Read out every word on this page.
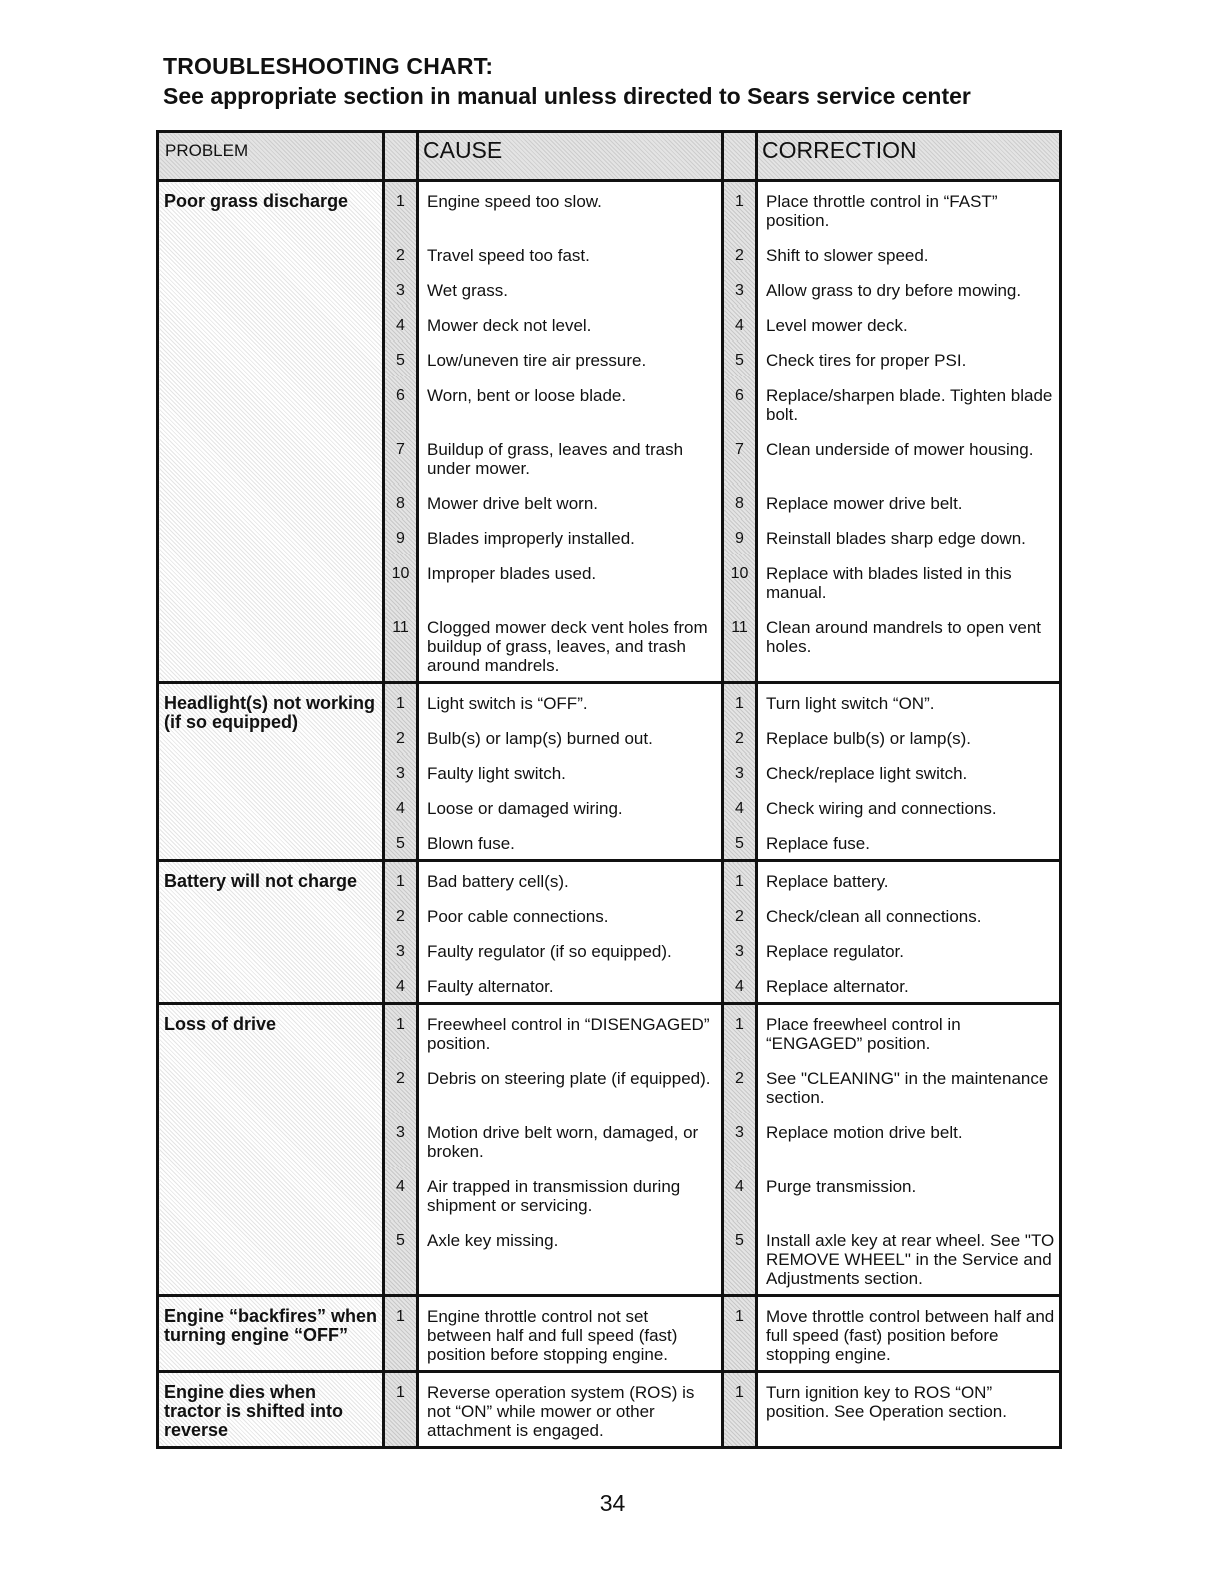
TROUBLESHOOTING CHART:
See appropriate section in manual unless directed to Sears service center
PROBLEM		CAUSE		CORRECTION
Poor grass discharge	1	Engine speed too slow.	1	Place throttle control in “FAST” position.
	2	Travel speed too fast.	2	Shift to slower speed.
	3	Wet grass.	3	Allow grass to dry before mowing.
	4	Mower deck not level.	4	Level mower deck.
	5	Low/uneven tire air pressure.	5	Check tires for proper PSI.
	6	Worn, bent or loose blade.	6	Replace/sharpen blade. Tighten blade bolt.
	7	Buildup of grass, leaves and trash under mower.	7	Clean underside of mower housing.
	8	Mower drive belt worn.	8	Replace mower drive belt.
	9	Blades improperly installed.	9	Reinstall blades sharp edge down.
	10	Improper blades used.	10	Replace with blades listed in this manual.
	11	Clogged mower deck vent holes from buildup of grass, leaves, and trash around mandrels.	11	Clean around mandrels to open vent holes.
Headlight(s) not working (if so equipped)	1	Light switch is “OFF”.	1	Turn light switch “ON”.
	2	Bulb(s) or lamp(s) burned out.	2	Replace bulb(s) or lamp(s).
	3	Faulty light switch.	3	Check/replace light switch.
	4	Loose or damaged wiring.	4	Check wiring and connections.
	5	Blown fuse.	5	Replace fuse.
Battery will not charge	1	Bad battery cell(s).	1	Replace battery.
	2	Poor cable connections.	2	Check/clean all connections.
	3	Faulty regulator (if so equipped).	3	Replace regulator.
	4	Faulty alternator.	4	Replace alternator.
Loss of drive	1	Freewheel control in “DISENGAGED” position.	1	Place freewheel control in “ENGAGED” position.
	2	Debris on steering plate (if equipped).	2	See "CLEANING" in the maintenance section.
	3	Motion drive belt worn, damaged, or broken.	3	Replace motion drive belt.
	4	Air trapped in transmission during shipment or servicing.	4	Purge transmission.
	5	Axle key missing.	5	Install axle key at rear wheel. See "TO REMOVE WHEEL" in the Service and Adjustments section.
Engine “backfires” when turning engine “OFF”	1	Engine throttle control not set between half and full speed (fast) position before stopping engine.	1	Move throttle control between half and full speed (fast) position before stopping engine.
Engine dies when tractor is shifted into reverse	1	Reverse operation system (ROS) is not “ON” while mower or other attachment is engaged.	1	Turn ignition key to ROS “ON” position. See Operation section.
34
